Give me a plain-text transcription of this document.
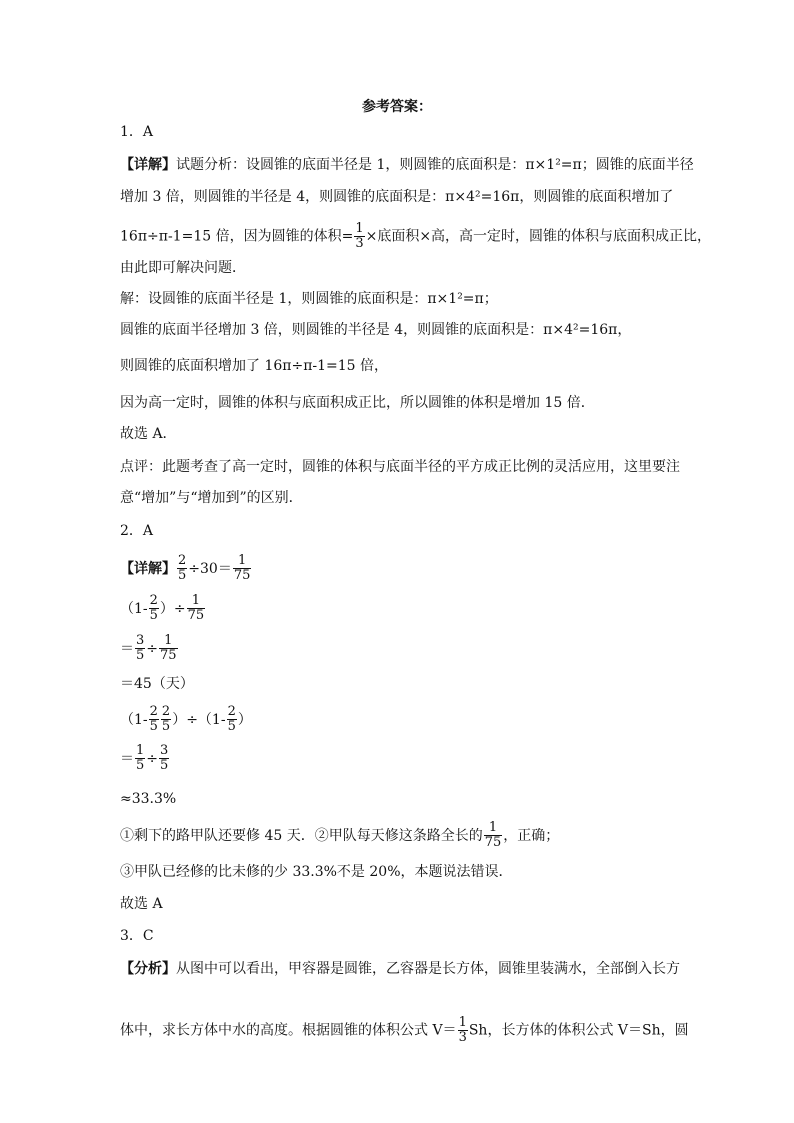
参考答案：
1．A
【详解】试题分析：设圆锥的底面半径是 1，则圆锥的底面积是：π×1²=π；圆锥的底面半径
增加 3 倍，则圆锥的半径是 4，则圆锥的底面积是：π×4²=16π，则圆锥的底面积增加了
16π÷π-1=15 倍，因为圆锥的体积= $\frac{1}{3}$ ×底面积×高，高一定时，圆锥的体积与底面积成正比，
由此即可解决问题．
解：设圆锥的底面半径是 1，则圆锥的底面积是：π×1²=π；
圆锥的底面半径增加 3 倍，则圆锥的半径是 4，则圆锥的底面积是：π×4²=16π，
则圆锥的底面积增加了 16π÷π-1=15 倍，
因为高一定时，圆锥的体积与底面积成正比，所以圆锥的体积是增加 15 倍．
故选 A．
点评：此题考查了高一定时，圆锥的体积与底面半径的平方成正比例的灵活应用，这里要注
意“增加”与“增加到”的区别．
2．A
【详解】 $\frac{2}{5} \div 30= \frac{1}{75}$
（$1- \frac{2}{5}$ ）÷ $\frac{1}{75}$
＝ $\frac{3}{5} \div \frac{1}{75}$
＝45（天）
$(1- \frac{2}{5} \frac{2}{5} )\div(1- \frac{2}{5}$ ）
＝ $\frac{1}{5} \div \frac{3}{5}$
≈33.3%
①剩下的路甲队还要修 45 天．②甲队每天修这条路全长的 $\frac{1}{75}$ ，正确；
③甲队已经修的比未修的少 33.3%不是 20%，本题说法错误．
故选 A
3．C
【分析】从图中可以看出，甲容器是圆锥，乙容器是长方体，圆锥里装满水，全部倒入长方
体中，求长方体中水的高度。根据圆锥的体积公式 $V= \frac{1}{3}$ Sh，长方体的体积公式 V＝Sh，圆
